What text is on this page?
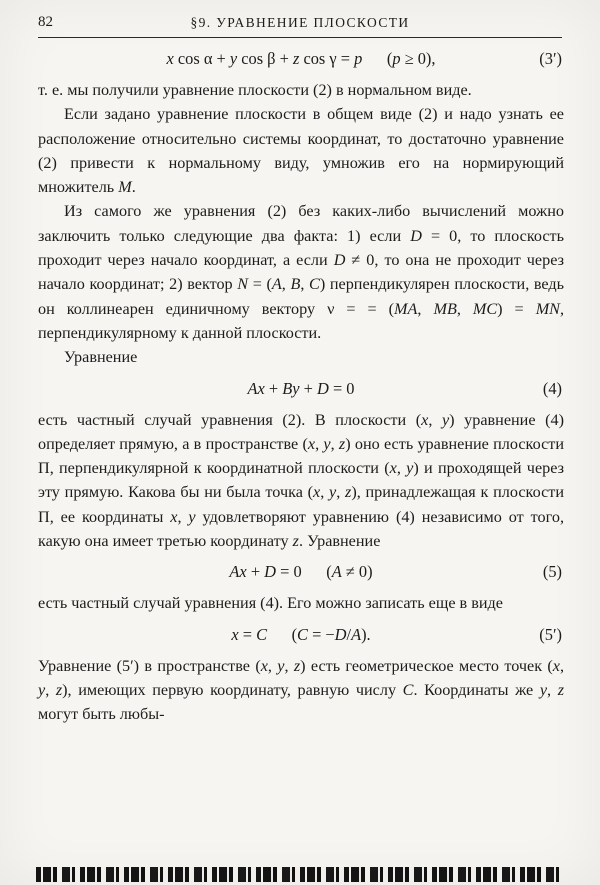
82	§9. УРАВНЕНИЕ ПЛОСКОСТИ
x cos α + y cos β + z cos γ = p      (p ≥ 0),	(3′)

т. е. мы получили уравнение плоскости (2) в нормальном виде.

Если задано уравнение плоскости в общем виде (2) и надо узнать ее расположение относительно системы координат, то достаточно уравнение (2) привести к нормальному виду, умножив его на нормирующий множитель М.

Из самого же уравнения (2) без каких-либо вычислений можно заключить только следующие два факта: 1) если D = 0, то плоскость проходит через начало координат, а если D ≠ 0, то она не проходит через начало координат; 2) вектор N = (А, В, С) перпендикулярен плоскости, ведь он коллинеарен единичному вектору ν = = (МА, МВ, МС) = MN, перпендикулярному к данной плоскости.

Уравнение

Ax + By + D = 0	(4)

есть частный случай уравнения (2). В плоскости (x, y) уравнение (4) определяет прямую, а в пространстве (x, y, z) оно есть уравнение плоскости П, перпендикулярной к координатной плоскости (x, y) и проходящей через эту прямую. Какова бы ни была точка (x, y, z), принадлежащая к плоскости П, ее координаты x, y удовлетворяют уравнению (4) независимо от того, какую она имеет третью координату z. Уравнение

Ax + D = 0      (A ≠ 0)	(5)

есть частный случай уравнения (4). Его можно записать еще в виде

x = C      (C = −D/A).	(5′)

Уравнение (5′) в пространстве (x, y, z) есть геометрическое место точек (x, y, z), имеющих первую координату, равную числу С. Координаты же y, z могут быть любы-
